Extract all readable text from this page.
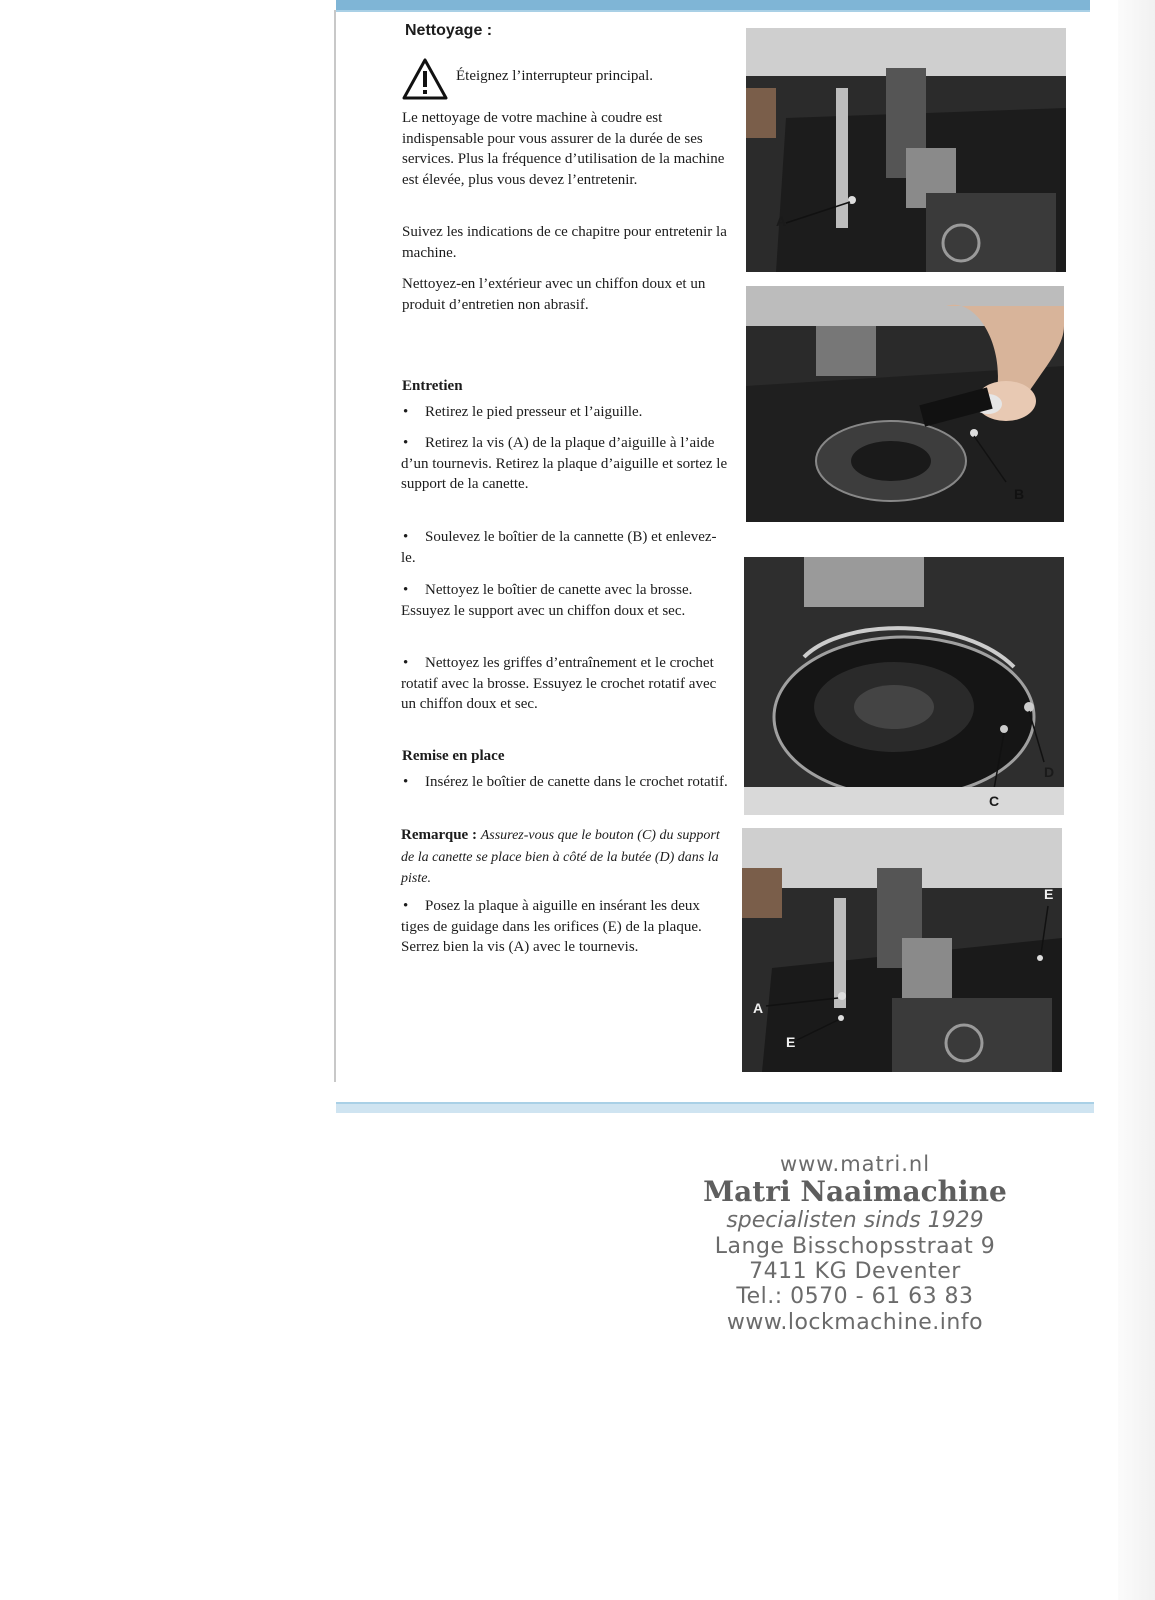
Nettoyage :
Éteignez l’interrupteur principal.

Le nettoyage de votre machine à coudre est indispensable pour vous assurer de la durée de ses services. Plus la fréquence d’utilisation de la machine est élevée, plus vous devez l’entretenir.

Suivez les indications de ce chapitre pour entretenir la machine.

Nettoyez-en l’extérieur avec un chiffon doux et un produit d’entretien non abrasif.

Entretien

• Retirez le pied presseur et l’aiguille.

• Retirez la vis (A) de la plaque d’aiguille à l’aide d’un tournevis. Retirez la plaque d’aiguille et sortez le support de la canette.

• Soulevez le boîtier de la cannette (B) et enlevez-le.

• Nettoyez le boîtier de canette avec la brosse. Essuyez le support avec un chiffon doux et sec.

• Nettoyez les griffes d’entraînement et le crochet rotatif avec la brosse. Essuyez le crochet rotatif avec un chiffon doux et sec.

Remise en place

• Insérez le boîtier de canette dans le crochet rotatif.

Remarque : Assurez-vous que le bouton (C) du support de la canette se place bien à côté de la butée (D) dans la piste.

• Posez la plaque à aiguille en insérant les deux tiges de guidage dans les orifices (E) de la plaque. Serrez bien la vis (A) avec le tournevis.

A
B
C
D
A
E
E
www.matri.nl
Matri Naaimachine
specialisten sinds 1929
Lange Bisschopsstraat 9
7411 KG Deventer
Tel.: 0570 - 61 63 83
www.lockmachine.info
